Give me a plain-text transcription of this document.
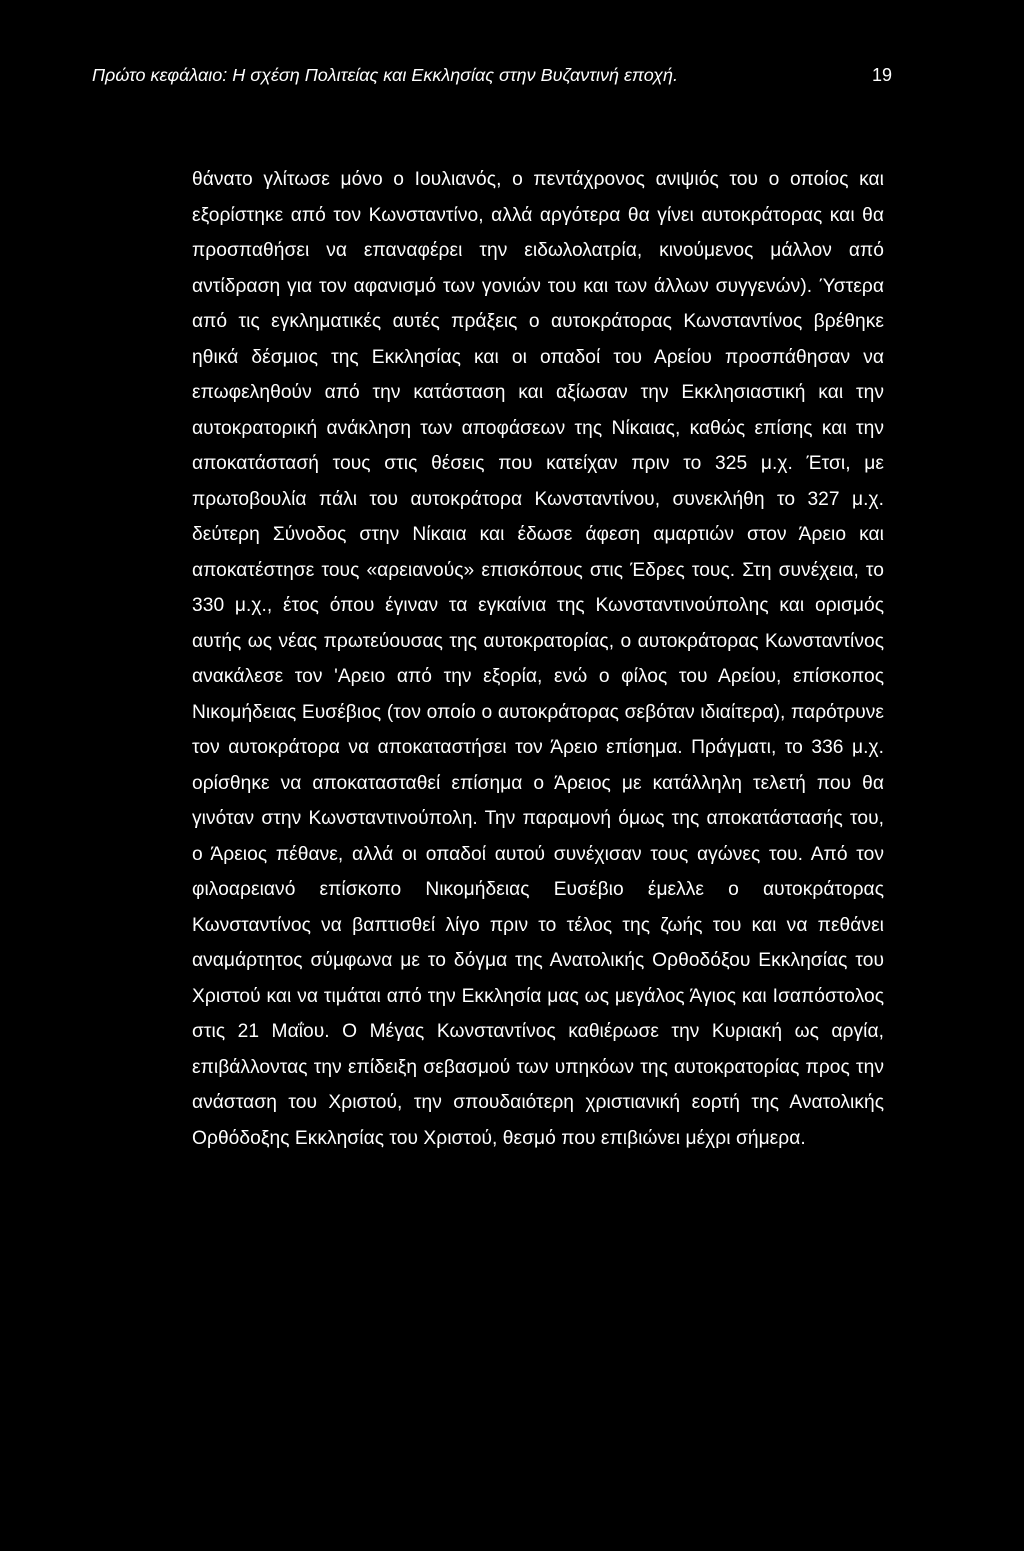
Πρώτο κεφάλαιο: Η σχέση Πολιτείας και Εκκλησίας στην Βυζαντινή εποχή.	19

θάνατο γλίτωσε μόνο ο Ιουλιανός, ο πεντάχρονος ανιψιός του ο οποίος και εξορίστηκε από τον Κωνσταντίνο, αλλά αργότερα θα γίνει αυτοκράτορας και θα προσπαθήσει να επαναφέρει την ειδωλολατρία, κινούμενος μάλλον από αντίδραση για τον αφανισμό των γονιών του και των άλλων συγγενών). Ύστερα από τις εγκληματικές αυτές πράξεις ο αυτοκράτορας Κωνσταντίνος βρέθηκε ηθικά δέσμιος της Εκκλησίας και οι οπαδοί του Αρείου προσπάθησαν να επωφεληθούν από την κατάσταση και αξίωσαν την Εκκλησιαστική και την αυτοκρατορική ανάκληση των αποφάσεων της Νίκαιας, καθώς επίσης και την αποκατάστασή τους στις θέσεις που κατείχαν πριν το 325 μ.χ. Έτσι, με πρωτοβουλία πάλι του αυτοκράτορα Κωνσταντίνου, συνεκλήθη το 327 μ.χ. δεύτερη Σύνοδος στην Νίκαια και έδωσε άφεση αμαρτιών στον Άρειο και αποκατέστησε τους «αρειανούς» επισκόπους στις Έδρες τους. Στη συνέχεια, το 330 μ.χ., έτος όπου έγιναν τα εγκαίνια της Κωνσταντινούπολης και ορισμός αυτής ως νέας πρωτεύουσας της αυτοκρατορίας, ο αυτοκράτορας Κωνσταντίνος ανακάλεσε τον 'Αρειο από την εξορία, ενώ ο φίλος του Αρείου, επίσκοπος Νικομήδειας Ευσέβιος (τον οποίο ο αυτοκράτορας σεβόταν ιδιαίτερα), παρότρυνε τον αυτοκράτορα να αποκαταστήσει τον Άρειο επίσημα. Πράγματι, το 336 μ.χ. ορίσθηκε να αποκατασταθεί επίσημα ο Άρειος με κατάλληλη τελετή που θα γινόταν στην Κωνσταντινούπολη. Την παραμονή όμως της αποκατάστασής του, ο Άρειος πέθανε, αλλά οι οπαδοί αυτού συνέχισαν τους αγώνες του. Από τον φιλοαρειανό επίσκοπο Νικομήδειας Ευσέβιο έμελλε ο αυτοκράτορας Κωνσταντίνος να βαπτισθεί λίγο πριν το τέλος της ζωής του και να πεθάνει αναμάρτητος σύμφωνα με το δόγμα της Ανατολικής Ορθοδόξου Εκκλησίας του Χριστού και να τιμάται από την Εκκλησία μας ως μεγάλος Άγιος και Ισαπόστολος στις 21 Μαΐου. Ο Μέγας Κωνσταντίνος καθιέρωσε την Κυριακή ως αργία, επιβάλλοντας την επίδειξη σεβασμού των υπηκόων της αυτοκρατορίας προς την ανάσταση του Χριστού, την σπουδαιότερη χριστιανική εορτή της Ανατολικής Ορθόδοξης Εκκλησίας του Χριστού, θεσμό που επιβιώνει μέχρι σήμερα.
